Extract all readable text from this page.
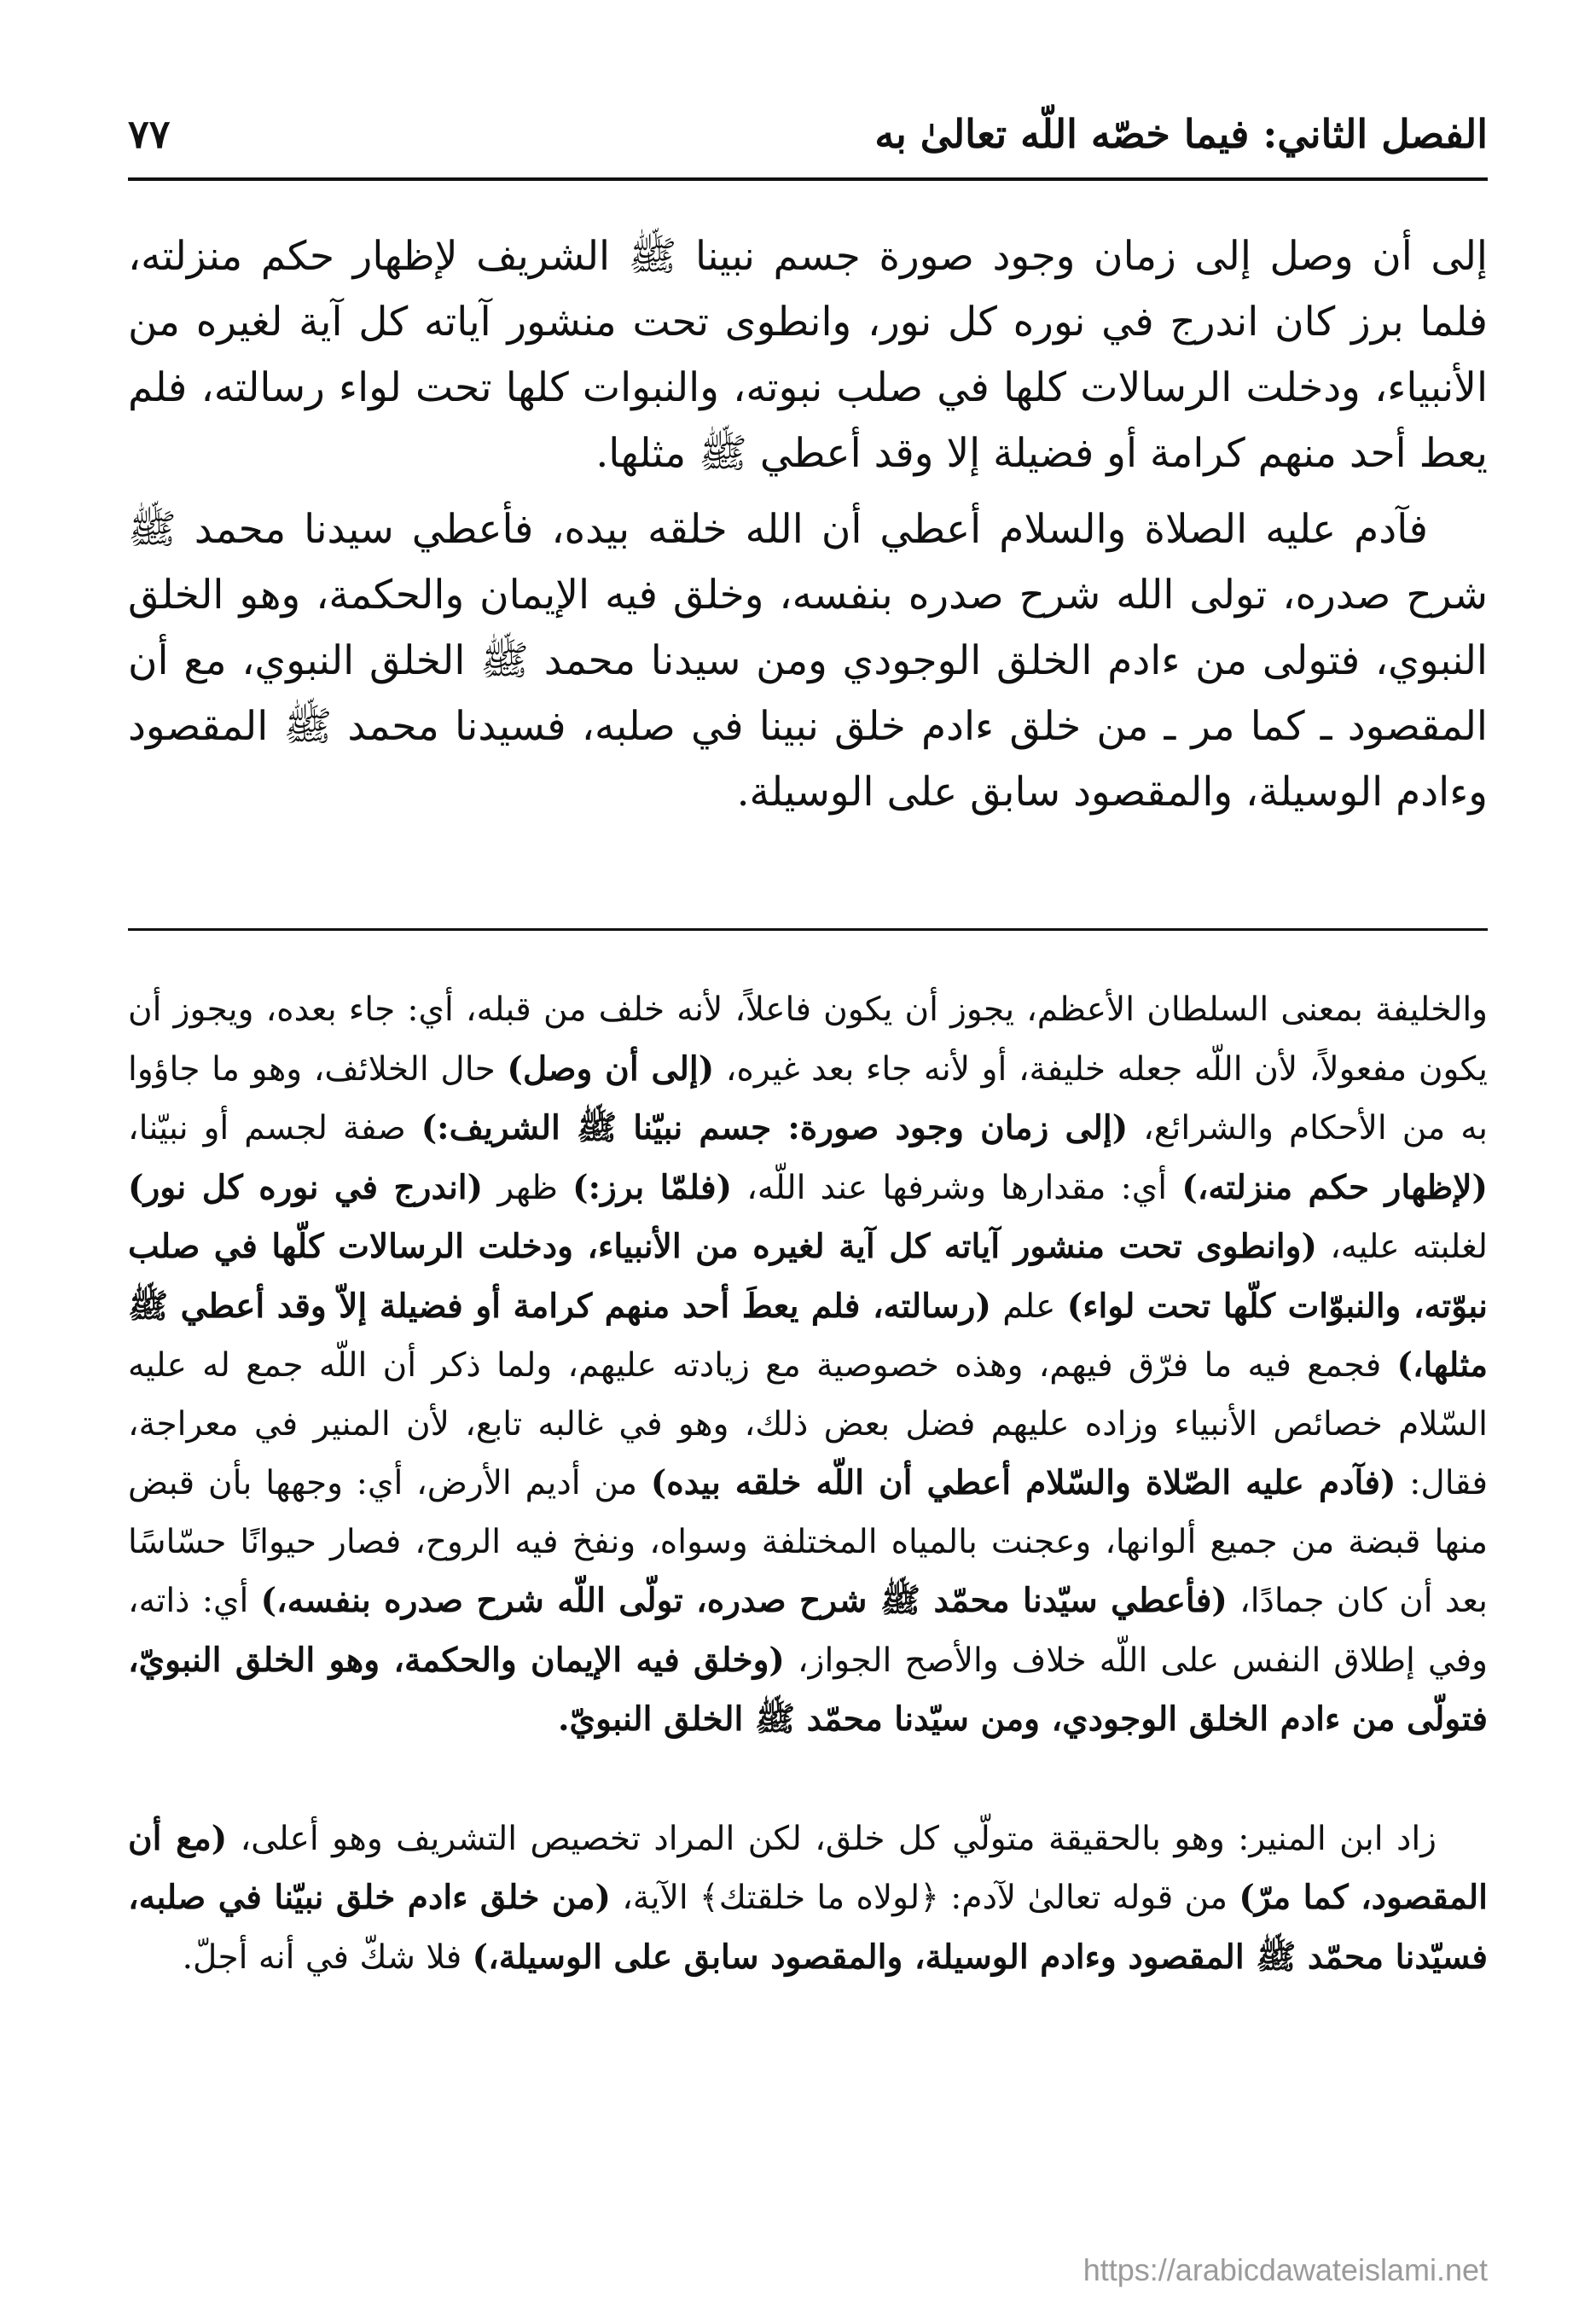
الفصل الثاني: فيما خصّه اللّه تعالىٰ به
٧٧

إلى أن وصل إلى زمان وجود صورة جسم نبينا ﷺ الشريف لإظهار حكم منزلته، فلما برز كان اندرج في نوره كل نور، وانطوى تحت منشور آياته كل آية لغيره من الأنبياء، ودخلت الرسالات كلها في صلب نبوته، والنبوات كلها تحت لواء رسالته، فلم يعط أحد منهم كرامة أو فضيلة إلا وقد أعطي ﷺ مثلها.

فآدم عليه الصلاة والسلام أعطي أن الله خلقه بيده، فأعطي سيدنا محمد ﷺ شرح صدره، تولى الله شرح صدره بنفسه، وخلق فيه الإيمان والحكمة، وهو الخلق النبوي، فتولى من ءادم الخلق الوجودي ومن سيدنا محمد ﷺ الخلق النبوي، مع أن المقصود ـ كما مر ـ من خلق ءادم خلق نبينا في صلبه، فسيدنا محمد ﷺ المقصود وءادم الوسيلة، والمقصود سابق على الوسيلة.

والخليفة بمعنى السلطان الأعظم، يجوز أن يكون فاعلاً، لأنه خلف من قبله، أي: جاء بعده، ويجوز أن يكون مفعولاً، لأن اللّه جعله خليفة، أو لأنه جاء بعد غيره، (إلى أن وصل) حال الخلائف، وهو ما جاؤوا به من الأحكام والشرائع، (إلى زمان وجود صورة: جسم نبيّنا ﷺ الشريف:) صفة لجسم أو نبيّنا، (لإظهار حكم منزلته،) أي: مقدارها وشرفها عند اللّه، (فلمّا برز:) ظهر (اندرج في نوره كل نور) لغلبته عليه، (وانطوى تحت منشور آياته كل آية لغيره من الأنبياء، ودخلت الرسالات كلّها في صلب نبوّته، والنبوّات كلّها تحت لواء) علم (رسالته، فلم يعطَ أحد منهم كرامة أو فضيلة إلاّ وقد أعطي ﷺ مثلها،) فجمع فيه ما فرّق فيهم، وهذه خصوصية مع زيادته عليهم، ولما ذكر أن اللّه جمع له عليه السّلام خصائص الأنبياء وزاده عليهم فضل بعض ذلك، وهو في غالبه تابع، لأن المنير في معراجة، فقال: (فآدم عليه الصّلاة والسّلام أعطي أن اللّه خلقه بيده) من أديم الأرض، أي: وجهها بأن قبض منها قبضة من جميع ألوانها، وعجنت بالمياه المختلفة وسواه، ونفخ فيه الروح، فصار حيوانًا حسّاسًا بعد أن كان جمادًا، (فأعطي سيّدنا محمّد ﷺ شرح صدره، تولّى اللّه شرح صدره بنفسه،) أي: ذاته، وفي إطلاق النفس على اللّه خلاف والأصح الجواز، (وخلق فيه الإيمان والحكمة، وهو الخلق النبويّ، فتولّى من ءادم الخلق الوجودي، ومن سيّدنا محمّد ﷺ الخلق النبويّ.

زاد ابن المنير: وهو بالحقيقة متولّي كل خلق، لكن المراد تخصيص التشريف وهو أعلى، (مع أن المقصود، كما مرّ) من قوله تعالىٰ لآدم: ﴿لولاه ما خلقتك﴾ الآية، (من خلق ءادم خلق نبيّنا في صلبه، فسيّدنا محمّد ﷺ المقصود وءادم الوسيلة، والمقصود سابق على الوسيلة،) فلا شكّ في أنه أجلّ.

https://arabicdawateislami.net
